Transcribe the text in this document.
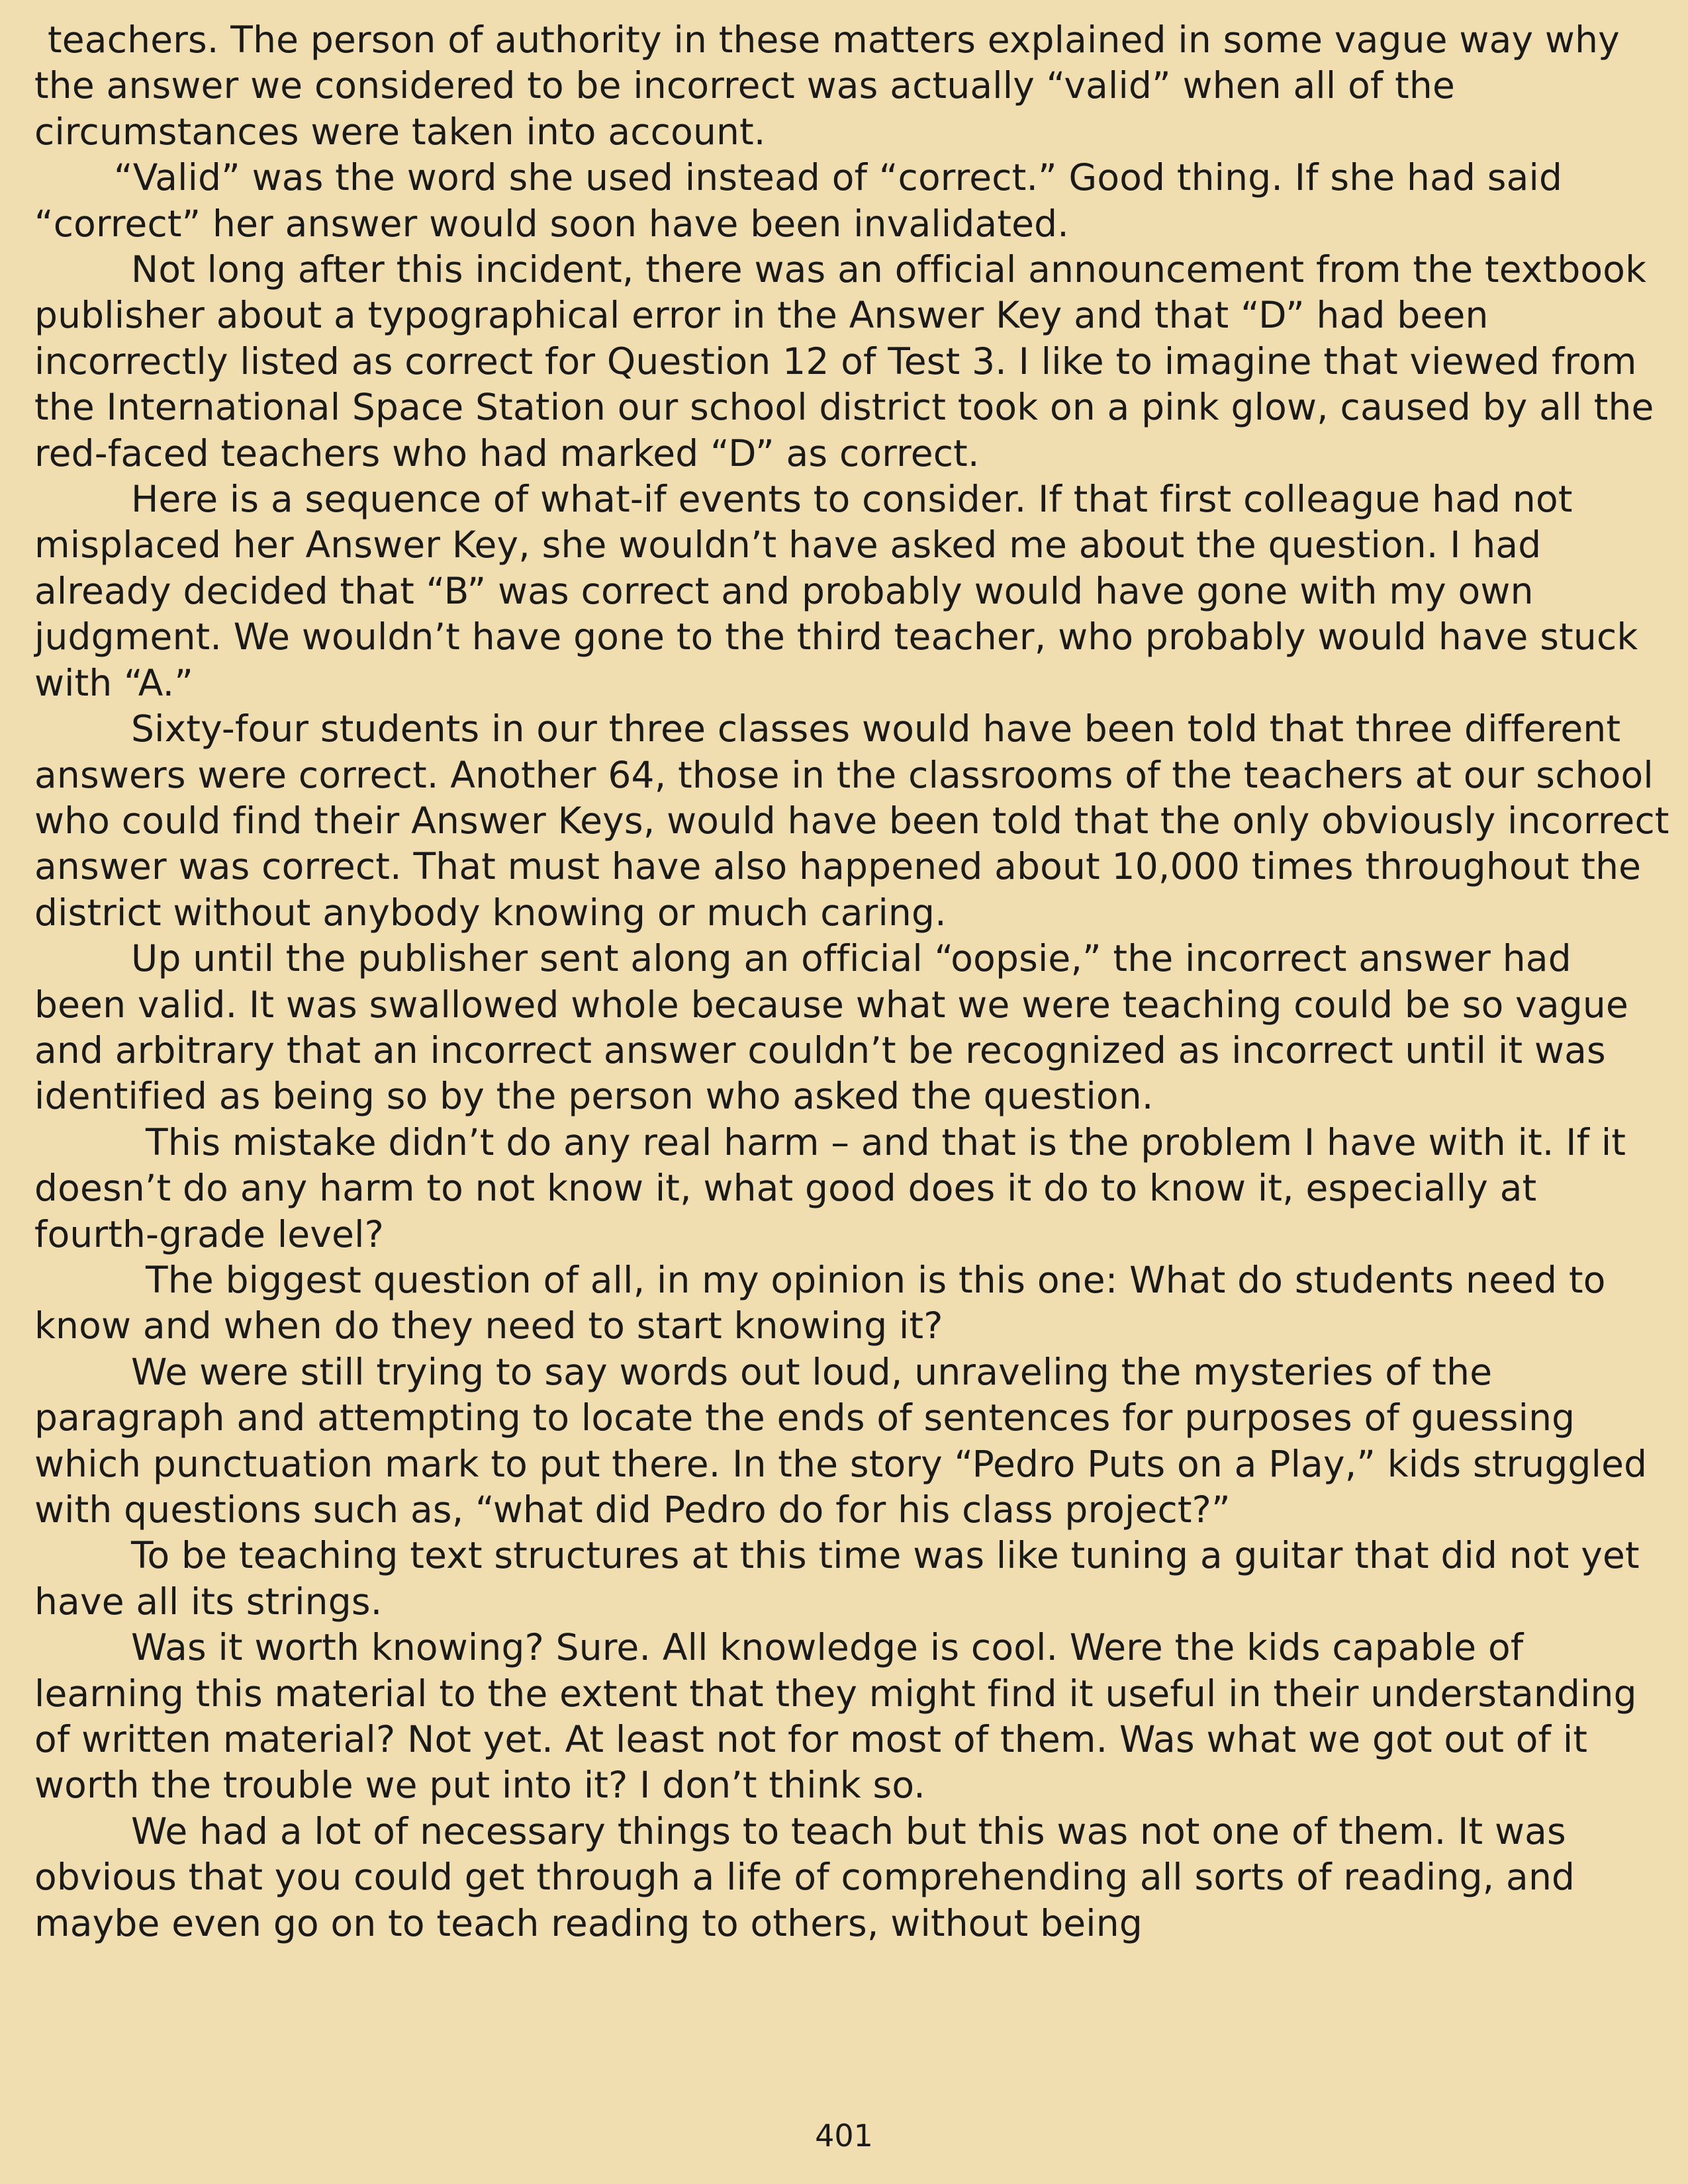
teachers. The person of authority in these matters explained in some vague way why the answer we considered to be incorrect was actually “valid” when all of the circumstances were taken into account.

“Valid” was the word she used instead of “correct.” Good thing. If she had said “correct” her answer would soon have been invalidated.

Not long after this incident, there was an official announcement from the textbook publisher about a typographical error in the Answer Key and that “D” had been incorrectly listed as correct for Question 12 of Test 3. I like to imagine that viewed from the International Space Station our school district took on a pink glow, caused by all the red-faced teachers who had marked “D” as correct.

Here is a sequence of what-if events to consider. If that first colleague had not misplaced her Answer Key, she wouldn’t have asked me about the question. I had already decided that “B” was correct and probably would have gone with my own judgment. We wouldn’t have gone to the third teacher, who probably would have stuck with “A.”

Sixty-four students in our three classes would have been told that three different answers were correct. Another 64, those in the classrooms of the teachers at our school who could find their Answer Keys, would have been told that the only obviously incorrect answer was correct. That must have also happened about 10,000 times throughout the district without anybody knowing or much caring.

Up until the publisher sent along an official “oopsie,” the incorrect answer had been valid. It was swallowed whole because what we were teaching could be so vague and arbitrary that an incorrect answer couldn’t be recognized as incorrect until it was identified as being so by the person who asked the question.

This mistake didn’t do any real harm – and that is the problem I have with it. If it doesn’t do any harm to not know it, what good does it do to know it, especially at fourth-grade level?

The biggest question of all, in my opinion is this one: What do students need to know and when do they need to start knowing it?

We were still trying to say words out loud, unraveling the mysteries of the paragraph and attempting to locate the ends of sentences for purposes of guessing which punctuation mark to put there. In the story “Pedro Puts on a Play,” kids struggled with questions such as, “what did Pedro do for his class project?”

To be teaching text structures at this time was like tuning a guitar that did not yet have all its strings.

Was it worth knowing? Sure. All knowledge is cool. Were the kids capable of learning this material to the extent that they might find it useful in their understanding of written material? Not yet. At least not for most of them. Was what we got out of it worth the trouble we put into it? I don’t think so.

We had a lot of necessary things to teach but this was not one of them. It was obvious that you could get through a life of comprehending all sorts of reading, and maybe even go on to teach reading to others, without being

401
